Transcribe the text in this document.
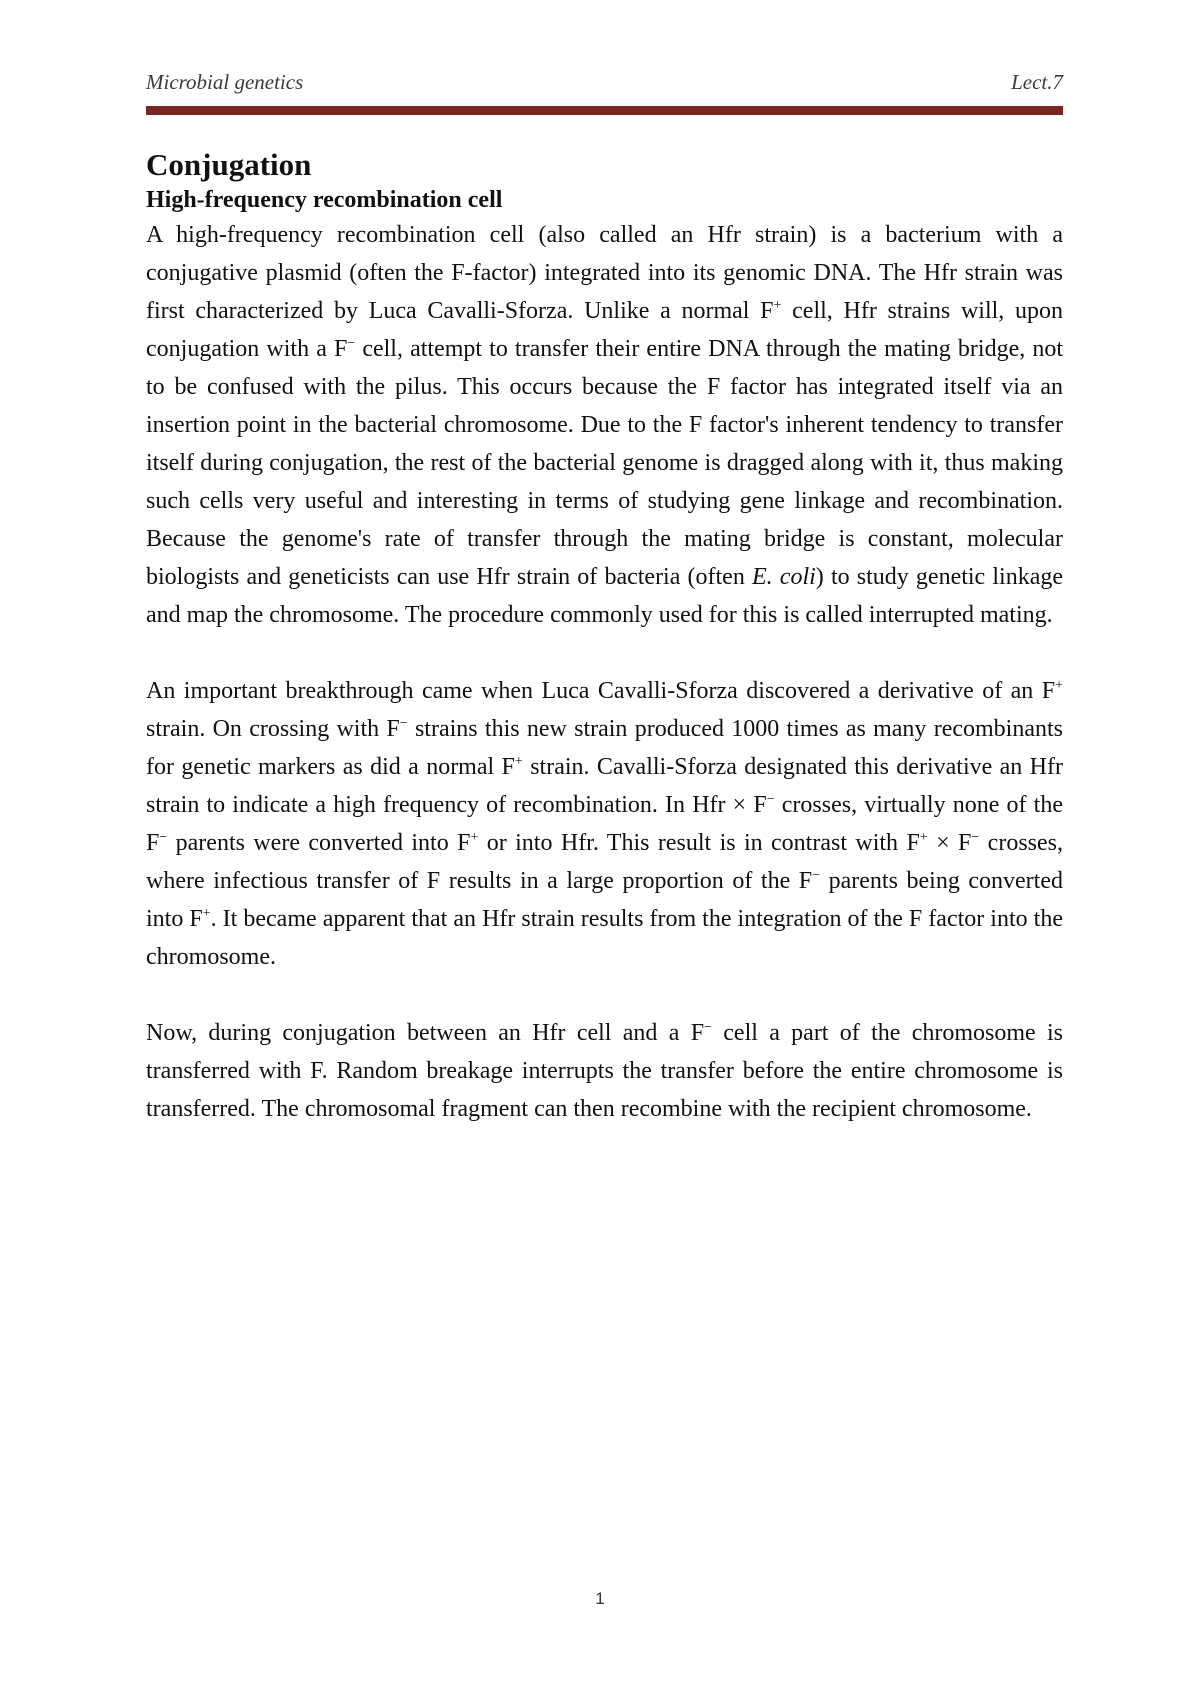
Microbial genetics	Lect.7
Conjugation
High-frequency recombination cell

A high-frequency recombination cell (also called an Hfr strain) is a bacterium with a conjugative plasmid (often the F-factor) integrated into its genomic DNA. The Hfr strain was first characterized by Luca Cavalli-Sforza. Unlike a normal F+ cell, Hfr strains will, upon conjugation with a F− cell, attempt to transfer their entire DNA through the mating bridge, not to be confused with the pilus. This occurs because the F factor has integrated itself via an insertion point in the bacterial chromosome. Due to the F factor's inherent tendency to transfer itself during conjugation, the rest of the bacterial genome is dragged along with it, thus making such cells very useful and interesting in terms of studying gene linkage and recombination. Because the genome's rate of transfer through the mating bridge is constant, molecular biologists and geneticists can use Hfr strain of bacteria (often E. coli) to study genetic linkage and map the chromosome. The procedure commonly used for this is called interrupted mating.

An important breakthrough came when Luca Cavalli-Sforza discovered a derivative of an F+ strain. On crossing with F− strains this new strain produced 1000 times as many recombinants for genetic markers as did a normal F+ strain. Cavalli-Sforza designated this derivative an Hfr strain to indicate a high frequency of recombination. In Hfr × F− crosses, virtually none of the F− parents were converted into F+ or into Hfr. This result is in contrast with F+ × F− crosses, where infectious transfer of F results in a large proportion of the F− parents being converted into F+. It became apparent that an Hfr strain results from the integration of the F factor into the chromosome.

Now, during conjugation between an Hfr cell and a F− cell a part of the chromosome is transferred with F. Random breakage interrupts the transfer before the entire chromosome is transferred. The chromosomal fragment can then recombine with the recipient chromosome.

1
